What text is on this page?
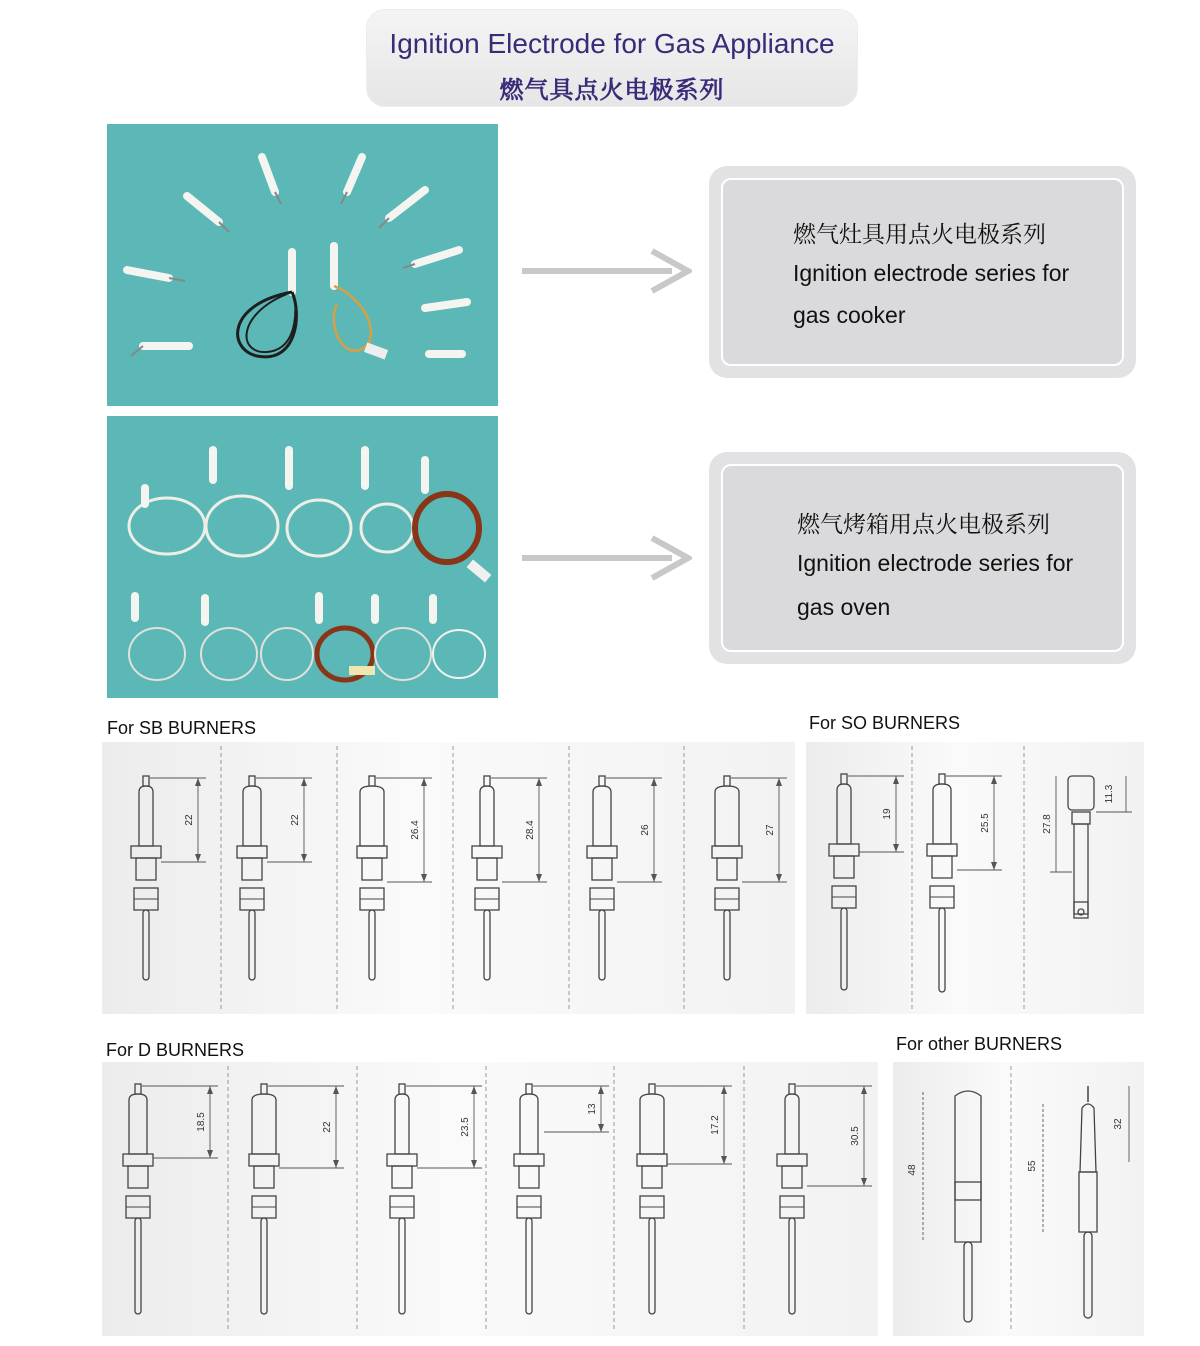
Ignition Electrode for Gas Appliance
燃气具点火电极系列
燃气灶具用点火电极系列
Ignition electrode series for
gas cooker
燃气烤箱用点火电极系列
Ignition electrode series for
gas oven
For SB BURNERS	For SO BURNERS
For D BURNERS	For other BURNERS
22	22
26.4	28.4	26	27
19	25.5	27.8
11.3
18.5	22	23.5
13
17.2
30.5
48
32
55
